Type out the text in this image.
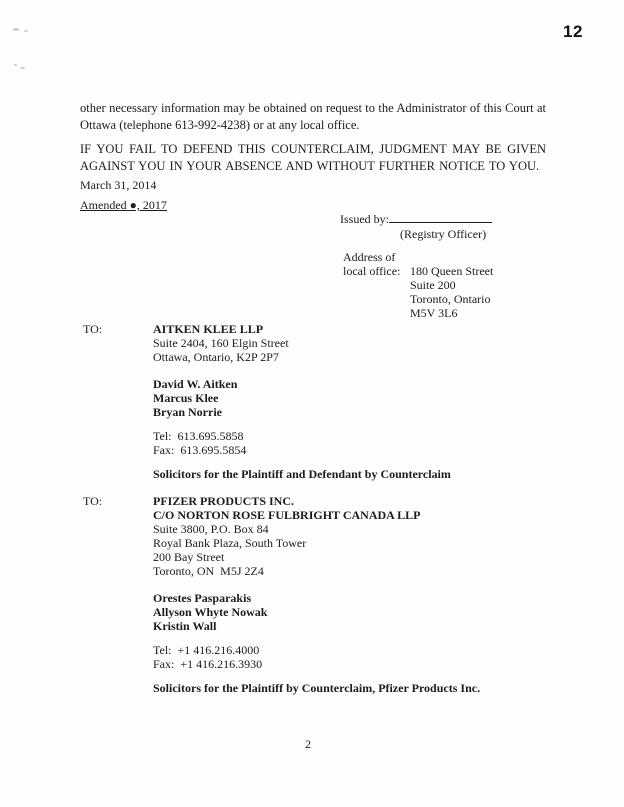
12

other necessary information may be obtained on request to the Administrator of this Court at Ottawa (telephone 613-992-4238) or at any local office.

IF YOU FAIL TO DEFEND THIS COUNTERCLAIM, JUDGMENT MAY BE GIVEN AGAINST YOU IN YOUR ABSENCE AND WITHOUT FURTHER NOTICE TO YOU.

March 31, 2014
Amended ●, 2017
Issued by:
(Registry Officer)
Address of
local office: 180 Queen Street
Suite 200
Toronto, Ontario
M5V 3L6
TO:	AITKEN KLEE LLP
Suite 2404, 160 Elgin Street
Ottawa, Ontario, K2P 2P7
David W. Aitken
Marcus Klee
Bryan Norrie
Tel:  613.695.5858
Fax:  613.695.5854
Solicitors for the Plaintiff and Defendant by Counterclaim
TO:	PFIZER PRODUCTS INC.
C/O NORTON ROSE FULBRIGHT CANADA LLP
Suite 3800, P.O. Box 84
Royal Bank Plaza, South Tower
200 Bay Street
Toronto, ON  M5J 2Z4
Orestes Pasparakis
Allyson Whyte Nowak
Kristin Wall
Tel:  +1 416.216.4000
Fax:  +1 416.216.3930
Solicitors for the Plaintiff by Counterclaim, Pfizer Products Inc.
2
